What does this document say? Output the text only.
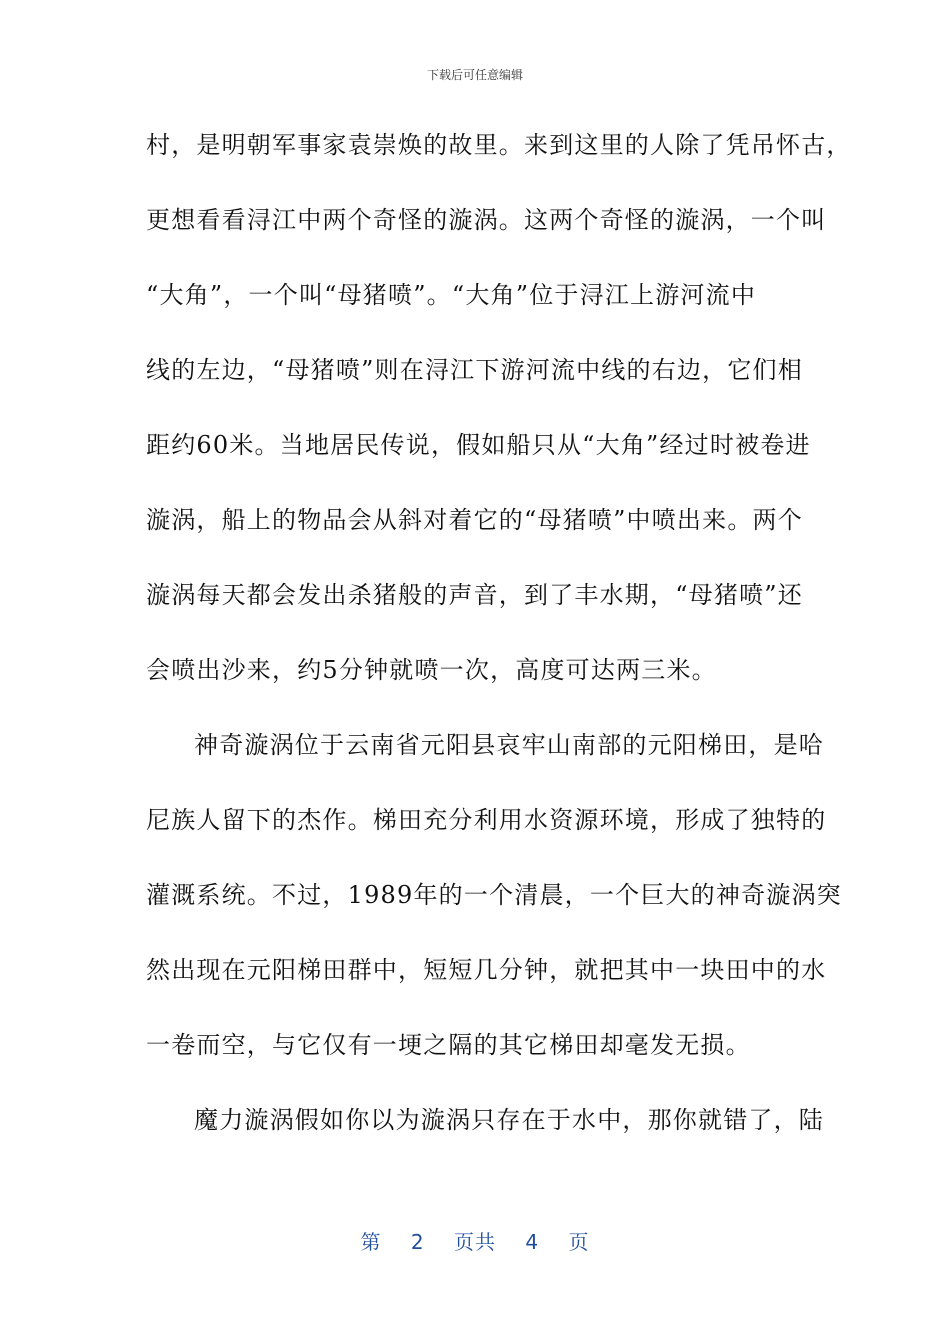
下载后可任意编辑
村，是明朝军事家袁崇焕的故里。来到这里的人除了凭吊怀古，
更想看看浔江中两个奇怪的漩涡。这两个奇怪的漩涡，一个叫
“大角”，一个叫“母猪喷”。“大角”位于浔江上游河流中
线的左边，“母猪喷”则在浔江下游河流中线的右边，它们相
距约60米。当地居民传说，假如船只从“大角”经过时被卷进
漩涡，船上的物品会从斜对着它的“母猪喷”中喷出来。两个
漩涡每天都会发出杀猪般的声音，到了丰水期，“母猪喷”还
会喷出沙来，约5分钟就喷一次，高度可达两三米。
神奇漩涡位于云南省元阳县哀牢山南部的元阳梯田，是哈
尼族人留下的杰作。梯田充分利用水资源环境，形成了独特的
灌溉系统。不过，1989年的一个清晨，一个巨大的神奇漩涡突
然出现在元阳梯田群中，短短几分钟，就把其中一块田中的水
一卷而空，与它仅有一埂之隔的其它梯田却毫发无损。
魔力漩涡假如你以为漩涡只存在于水中，那你就错了，陆
第 2 页共 4 页
